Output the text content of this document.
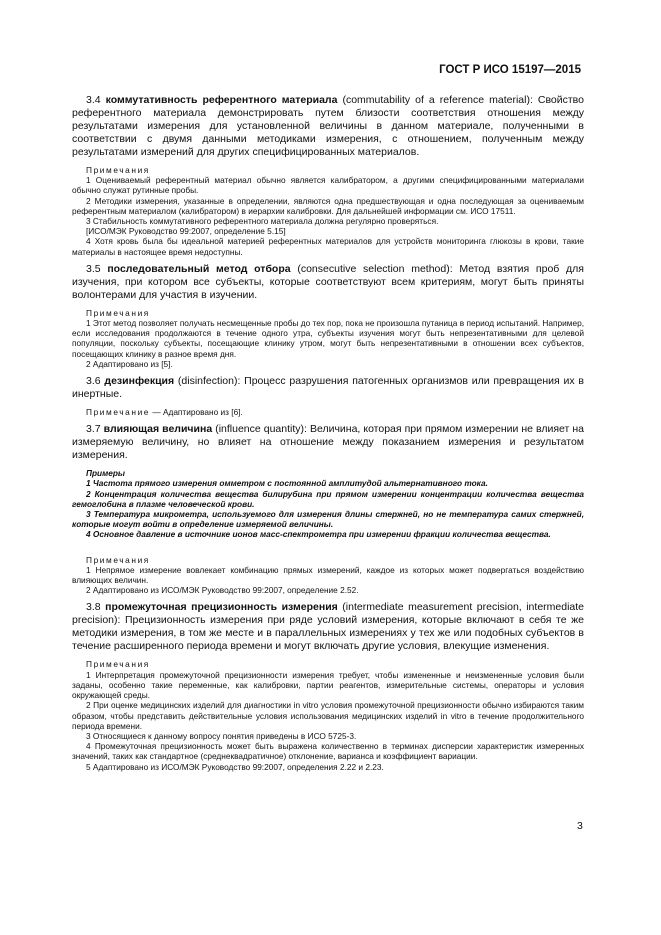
ГОСТ Р ИСО 15197—2015

3.4 коммутативность референтного материала (commutability of a reference material): Свойство референтного материала демонстрировать путем близости соответствия отношения между результатами измерения для установленной величины в данном материале, полученными в соответствии с двумя данными методиками измерения, с отношением, полученным между результатами измерений для других специфицированных материалов.

Примечания
1 Оцениваемый референтный материал обычно является калибратором, а другими специфицированными материалами обычно служат рутинные пробы.
2 Методики измерения, указанные в определении, являются одна предшествующая и одна последующая за оцениваемым референтным материалом (калибратором) в иерархии калибровки. Для дальнейшей информации см. ИСО 17511.
3 Стабильность коммутативного референтного материала должна регулярно проверяться.
[ИСО/МЭК Руководство 99:2007, определение 5.15]
4 Хотя кровь была бы идеальной материей референтных материалов для устройств мониторинга глюкозы в крови, такие материалы в настоящее время недоступны.

3.5 последовательный метод отбора (consecutive selection method): Метод взятия проб для изучения, при котором все субъекты, которые соответствуют всем критериям, могут быть приняты волонтерами для участия в изучении.

Примечания
1 Этот метод позволяет получать несмещенные пробы до тех пор, пока не произошла путаница в период испытаний. Например, если исследования продолжаются в течение одного утра, субъекты изучения могут быть непрезентативными для целевой популяции, поскольку субъекты, посещающие клинику утром, могут быть непрезентативными в отношении всех субъектов, посещающих клинику в разное время дня.
2 Адаптировано из [5].

3.6 дезинфекция (disinfection): Процесс разрушения патогенных организмов или превращения их в инертные.

Примечание — Адаптировано из [6].

3.7 влияющая величина (influence quantity): Величина, которая при прямом измерении не влияет на измеряемую величину, но влияет на отношение между показанием измерения и результатом измерения.

Примеры
1 Частота прямого измерения омметром с постоянной амплитудой альтернативного тока.
2 Концентрация количества вещества билирубина при прямом измерении концентрации количества вещества гемоглобина в плазме человеческой крови.
3 Температура микрометра, используемого для измерения длины стержней, но не температура самих стержней, которые могут войти в определение измеряемой величины.
4 Основное давление в источнике ионов масс-спектрометра при измерении фракции количества вещества.
Примечания
1 Непрямое измерение вовлекает комбинацию прямых измерений, каждое из которых может подвергаться воздействию влияющих величин.
2 Адаптировано из ИСО/МЭК Руководство 99:2007, определение 2.52.

3.8 промежуточная прецизионность измерения (intermediate measurement precision, intermediate precision): Прецизионность измерения при ряде условий измерения, которые включают в себя те же методики измерения, в том же месте и в параллельных измерениях у тех же или подобных субъектов в течение расширенного периода времени и могут включать другие условия, влекущие изменения.

Примечания
1 Интерпретация промежуточной прецизионности измерения требует, чтобы измененные и неизмененные условия были заданы, особенно такие переменные, как калибровки, партии реагентов, измерительные системы, операторы и условия окружающей среды.
2 При оценке медицинских изделий для диагностики in vitro условия промежуточной прецизионности обычно избираются таким образом, чтобы представить действительные условия использования медицинских изделий in vitro в течение продолжительного периода времени.
3 Относящиеся к данному вопросу понятия приведены в ИСО 5725-3.
4 Промежуточная прецизионность может быть выражена количественно в терминах дисперсии характеристик измеренных значений, таких как стандартное (среднеквадратичное) отклонение, варианса и коэффициент вариации.
5 Адаптировано из ИСО/МЭК Руководство 99:2007, определения 2.22 и 2.23.
3
